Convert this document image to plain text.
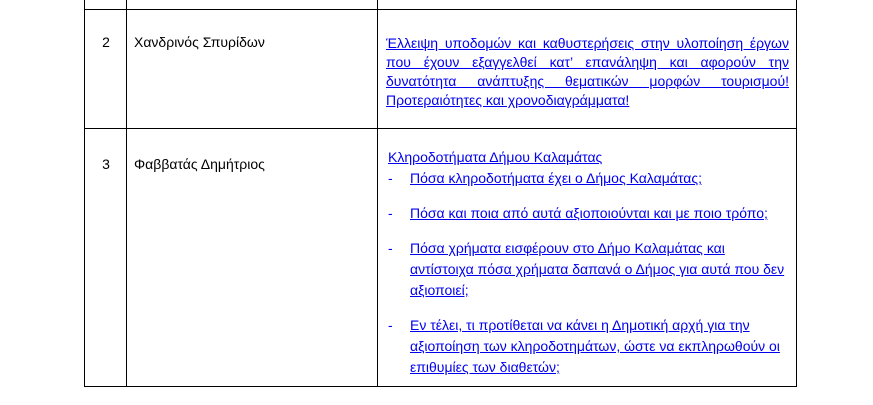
2	Χανδρινός Σπυρίδων	Έλλειψη υποδομών και καθυστερήσεις στην υλοποίηση έργων που έχουν εξαγγελθεί κατ’ επανάληψη και αφορούν την δυνατότητα ανάπτυξης θεματικών μορφών τουρισμού! Προτεραιότητες και χρονοδιαγράμματα!
3	Φαββατάς Δημήτριος	Κληροδοτήματα Δήμου Καλαμάτας
- Πόσα κληροδοτήματα έχει ο Δήμος Καλαμάτας;
- Πόσα και ποια από αυτά αξιοποιούνται και με ποιο τρόπο;
- Πόσα χρήματα εισφέρουν στο Δήμο Καλαμάτας και αντίστοιχα πόσα χρήματα δαπανά ο Δήμος για αυτά που δεν αξιοποιεί;
- Εν τέλει, τι προτίθεται να κάνει η Δημοτική αρχή για την αξιοποίηση των κληροδοτημάτων, ώστε να εκπληρωθούν οι επιθυμίες των διαθετών;
